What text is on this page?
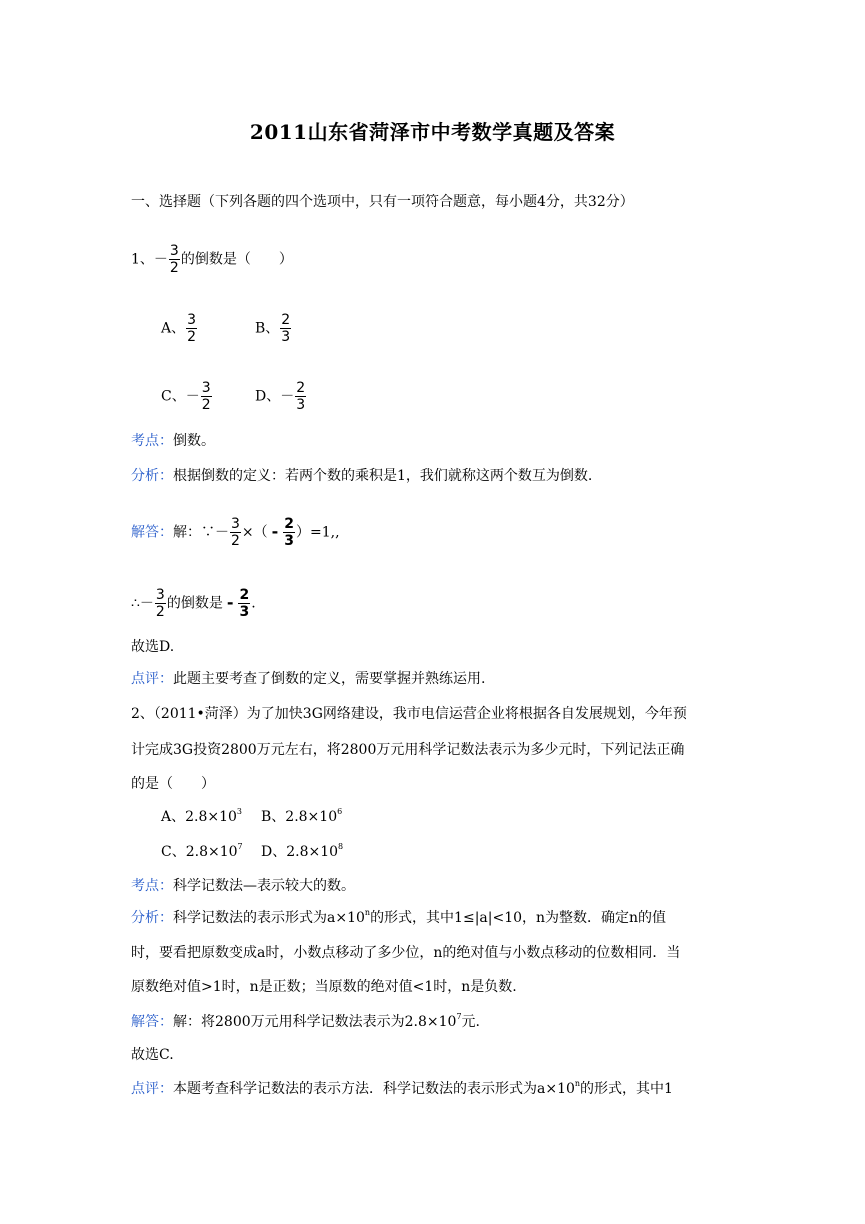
2011山东省菏泽市中考数学真题及答案
一、选择题（下列各题的四个选项中，只有一项符合题意，每小题4分，共32分）
1、－ $\frac{3}{2}$ 的倒数是（　　）
A、 $\frac{3}{2}$	B、 $\frac{2}{3}$
C、－ $\frac{3}{2}$	D、－ $\frac{2}{3}$
考点：倒数。
分析：根据倒数的定义：若两个数的乘积是1，我们就称这两个数互为倒数.
解答：解：∵－ $\frac{3}{2}$ ×（ - $\frac{2}{3} )=1$,,
∴－ $\frac{3}{2}$ 的倒数是 - $\frac{2}{3}$ .
故选D.
点评：此题主要考查了倒数的定义，需要掌握并熟练运用.
2、（2011•菏泽）为了加快3G网络建设，我市电信运营企业将根据各自发展规划，今年预
计完成3G投资2800万元左右，将2800万元用科学记数法表示为多少元时，下列记法正确
的是（　　）
A、$2.8\times 10^3$ B、$2.8\times 10^6$
C、$2.8\times 10^7$ D、$2.8\times 10^8$
考点：科学记数法—表示较大的数。
分析：科学记数法的表示形式为$a\times 10^n$的形式，其中1≤|a|<10，n为整数．确定n的值
时，要看把原数变成a时，小数点移动了多少位，n的绝对值与小数点移动的位数相同．当
原数绝对值>1时，n是正数；当原数的绝对值<1时，n是负数.
解答：解：将2800万元用科学记数法表示为$2.8\times 10^7$元.
故选C.
点评：本题考查科学记数法的表示方法．科学记数法的表示形式为$a\times 10^n$的形式，其中1
